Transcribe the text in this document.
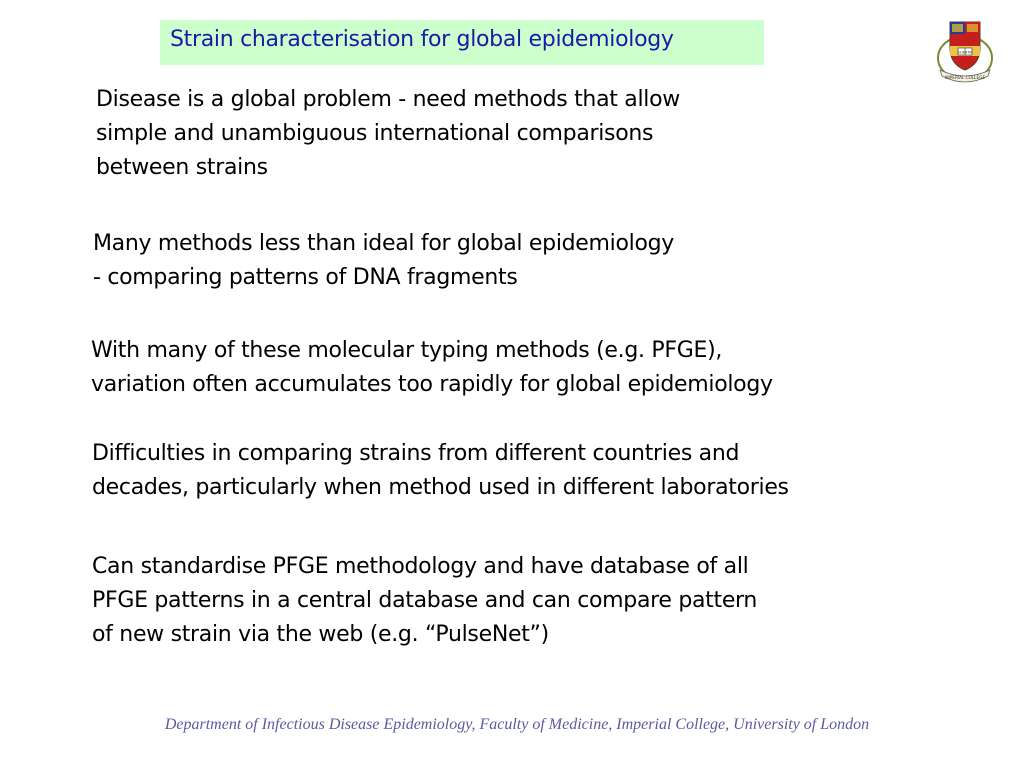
Strain characterisation for global epidemiology
IMPERIAL COLLEGE
SCIENTIA
Disease is a global problem - need methods that allow
simple and unambiguous international comparisons
between strains
Many methods less than ideal for global epidemiology
- comparing patterns of DNA fragments
With many of these molecular typing methods (e.g. PFGE),
variation often accumulates too rapidly for global epidemiology
Difficulties in comparing strains from different countries and
decades, particularly when method used in different laboratories
Can standardise PFGE methodology and have database of all
PFGE patterns in a central database and can compare pattern
of new strain via the web (e.g. “PulseNet”)
Department of Infectious Disease Epidemiology, Faculty of Medicine, Imperial College, University of London
